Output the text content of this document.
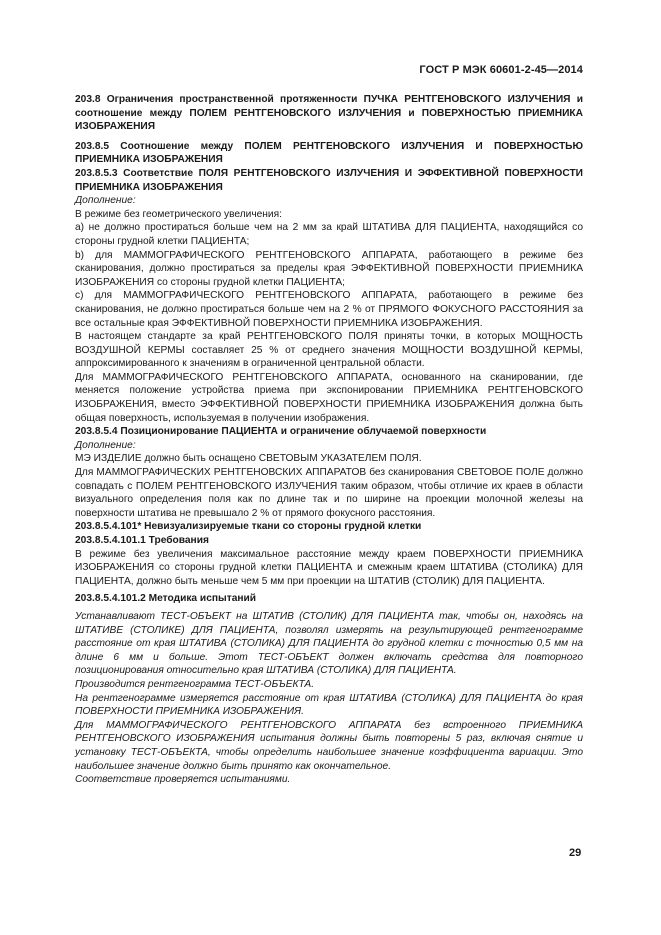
ГОСТ Р МЭК 60601-2-45—2014

203.8 Ограничения пространственной протяженности ПУЧКА РЕНТГЕНОВСКОГО ИЗЛУЧЕНИЯ и соотношение между ПОЛЕМ РЕНТГЕНОВСКОГО ИЗЛУЧЕНИЯ и ПОВЕРХНОСТЬЮ ПРИЕМНИКА ИЗОБРАЖЕНИЯ

203.8.5 Соотношение между ПОЛЕМ РЕНТГЕНОВСКОГО ИЗЛУЧЕНИЯ И ПОВЕРХНОСТЬЮ ПРИЕМНИКА ИЗОБРАЖЕНИЯ

203.8.5.3 Соответствие ПОЛЯ РЕНТГЕНОВСКОГО ИЗЛУЧЕНИЯ И ЭФФЕКТИВНОЙ ПОВЕРХНОСТИ ПРИЕМНИКА ИЗОБРАЖЕНИЯ

Дополнение:

В режиме без геометрического увеличения:

а) не должно простираться больше чем на 2 мм за край ШТАТИВА ДЛЯ ПАЦИЕНТА, находящийся со стороны грудной клетки ПАЦИЕНТА;

b) для МАММОГРАФИЧЕСКОГО РЕНТГЕНОВСКОГО АППАРАТА, работающего в режиме без сканирования, должно простираться за пределы края ЭФФЕКТИВНОЙ ПОВЕРХНОСТИ ПРИЕМНИКА ИЗОБРАЖЕНИЯ со стороны грудной клетки ПАЦИЕНТА;

c) для МАММОГРАФИЧЕСКОГО РЕНТГЕНОВСКОГО АППАРАТА, работающего в режиме без сканирования, не должно простираться больше чем на 2 % от ПРЯМОГО ФОКУСНОГО РАССТОЯНИЯ за все остальные края ЭФФЕКТИВНОЙ ПОВЕРХНОСТИ ПРИЕМНИКА ИЗОБРАЖЕНИЯ.

В настоящем стандарте за край РЕНТГЕНОВСКОГО ПОЛЯ приняты точки, в которых МОЩНОСТЬ ВОЗДУШНОЙ КЕРМЫ составляет 25 % от среднего значения МОЩНОСТИ ВОЗДУШНОЙ КЕРМЫ, аппроксимированного к значениям в ограниченной центральной области.

Для МАММОГРАФИЧЕСКОГО РЕНТГЕНОВСКОГО АППАРАТА, основанного на сканировании, где меняется положение устройства приема при экспонировании ПРИЕМНИКА РЕНТГЕНОВСКОГО ИЗОБРАЖЕНИЯ, вместо ЭФФЕКТИВНОЙ ПОВЕРХНОСТИ ПРИЕМНИКА ИЗОБРАЖЕНИЯ должна быть общая поверхность, используемая в получении изображения.

203.8.5.4 Позиционирование ПАЦИЕНТА и ограничение облучаемой поверхности

Дополнение:

МЭ ИЗДЕЛИЕ должно быть оснащено СВЕТОВЫМ УКАЗАТЕЛЕМ ПОЛЯ.

Для МАММОГРАФИЧЕСКИХ РЕНТГЕНОВСКИХ АППАРАТОВ без сканирования СВЕТОВОЕ ПОЛЕ должно совпадать с ПОЛЕМ РЕНТГЕНОВСКОГО ИЗЛУЧЕНИЯ таким образом, чтобы отличие их краев в области визуального определения поля как по длине так и по ширине на проекции молочной железы на поверхности штатива не превышало 2 % от прямого фокусного расстояния.

203.8.5.4.101* Невизуализируемые ткани со стороны грудной клетки

203.8.5.4.101.1 Требования

В режиме без увеличения максимальное расстояние между краем ПОВЕРХНОСТИ ПРИЕМНИКА ИЗОБРАЖЕНИЯ со стороны грудной клетки ПАЦИЕНТА и смежным краем ШТАТИВА (СТОЛИКА) ДЛЯ ПАЦИЕНТА, должно быть меньше чем 5 мм при проекции на ШТАТИВ (СТОЛИК) ДЛЯ ПАЦИЕНТА.

203.8.5.4.101.2 Методика испытаний

Устанавливают ТЕСТ-ОБЪЕКТ на ШТАТИВ (СТОЛИК) ДЛЯ ПАЦИЕНТА так, чтобы он, находясь на ШТАТИВЕ (СТОЛИКЕ) ДЛЯ ПАЦИЕНТА, позволял измерять на результирующей рентгенограмме расстояние от края ШТАТИВА (СТОЛИКА) ДЛЯ ПАЦИЕНТА до грудной клетки с точностью 0,5 мм на длине 6 мм и больше. Этот ТЕСТ-ОБЪЕКТ должен включать средства для повторного позиционирования относительно края ШТАТИВА (СТОЛИКА) ДЛЯ ПАЦИЕНТА.

Производится рентгенограмма ТЕСТ-ОБЪЕКТА.

На рентгенограмме измеряется расстояние от края ШТАТИВА (СТОЛИКА) ДЛЯ ПАЦИЕНТА до края ПОВЕРХНОСТИ ПРИЕМНИКА ИЗОБРАЖЕНИЯ.

Для МАММОГРАФИЧЕСКОГО РЕНТГЕНОВСКОГО АППАРАТА без встроенного ПРИЕМНИКА РЕНТГЕНОВСКОГО ИЗОБРАЖЕНИЯ испытания должны быть повторены 5 раз, включая снятие и установку ТЕСТ-ОБЪЕКТА, чтобы определить наибольшее значение коэффициента вариации. Это наибольшее значение должно быть принято как окончательное.

Соответствие проверяется испытаниями.

29
